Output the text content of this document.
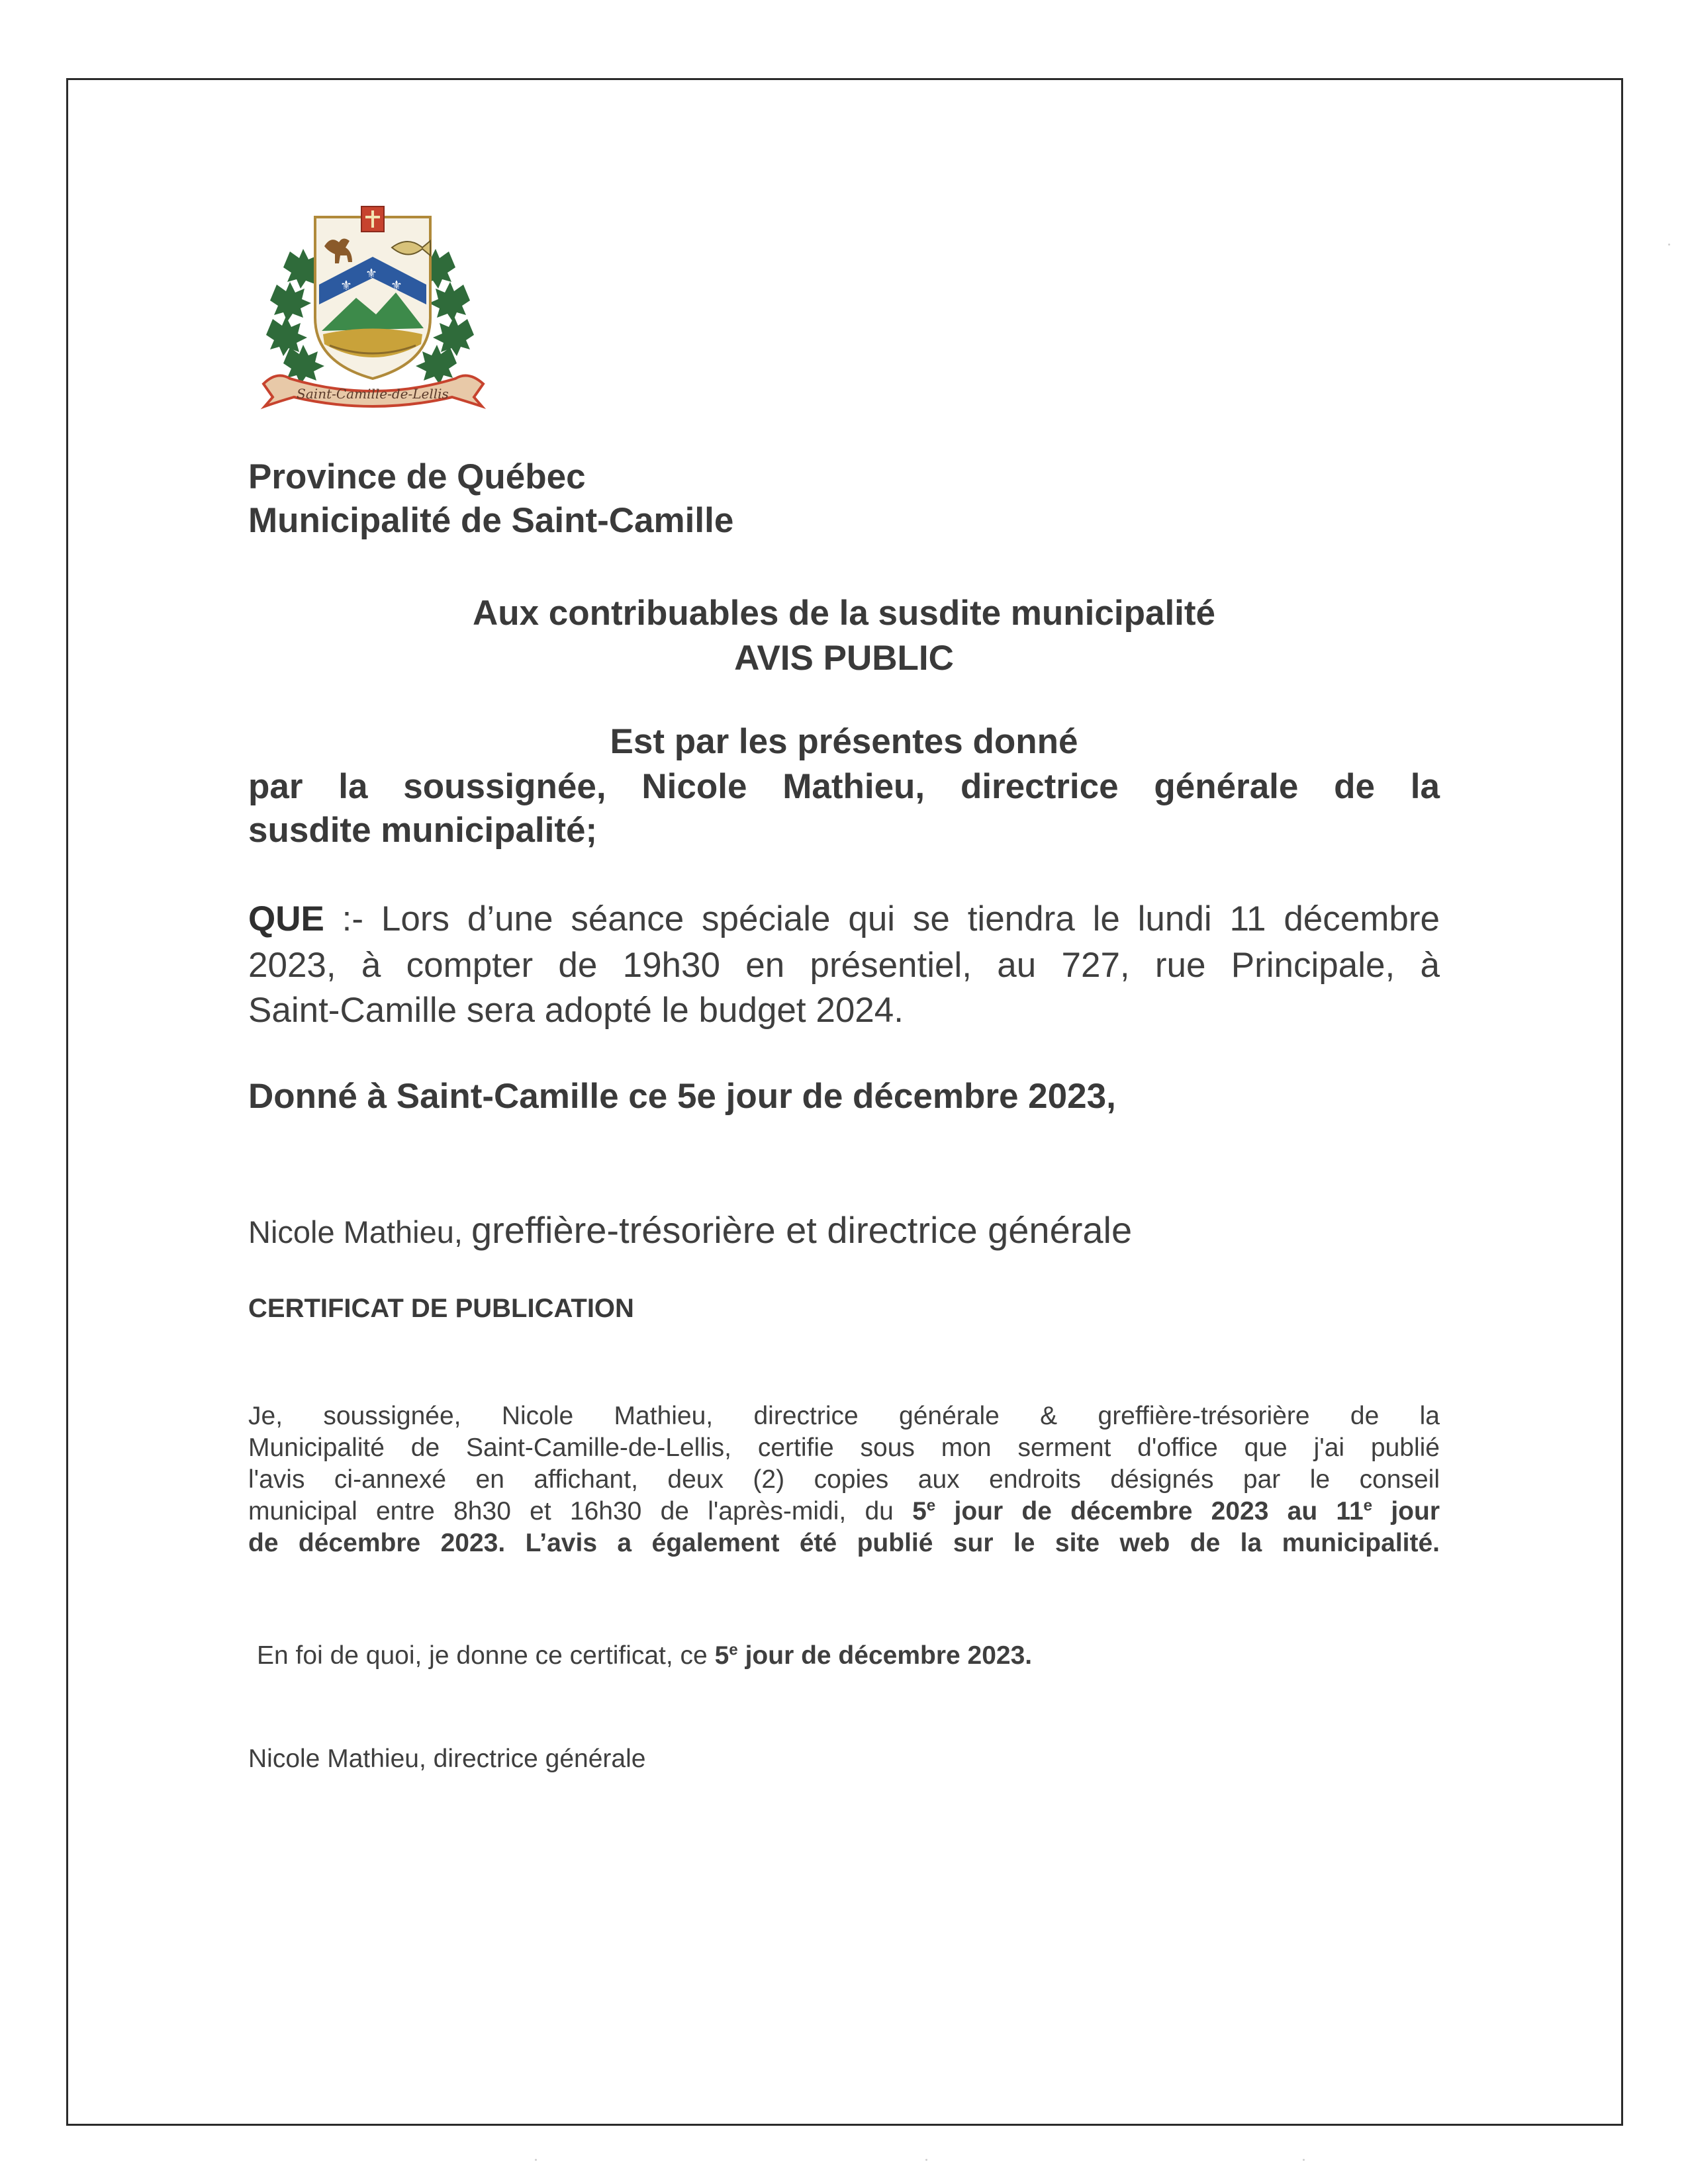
⚜
⚜
⚜
Saint-Camille-de-Lellis
Province de Québec
Municipalité de Saint-Camille
Aux contribuables de la susdite municipalité
AVIS PUBLIC
Est par les présentes donné
par la soussignée, Nicole Mathieu, directrice générale de la
susdite municipalité;
QUE :- Lors d’une séance spéciale qui se tiendra le lundi 11 décembre
2023, à compter de 19h30 en présentiel, au 727, rue Principale, à
Saint-Camille sera adopté le budget 2024.
Donné à Saint-Camille ce 5e jour de décembre 2023,
Nicole Mathieu, greffière-trésorière et directrice générale
CERTIFICAT DE PUBLICATION
Je, soussignée, Nicole Mathieu, directrice générale & greffière-trésorière de la
Municipalité de Saint-Camille-de-Lellis, certifie sous mon serment d'office que j'ai publié
l'avis ci-annexé en affichant, deux (2) copies aux endroits désignés par le conseil
municipal entre 8h30 et 16h30 de l'après-midi, du 5e jour de décembre 2023 au 11e jour
de décembre 2023. L’avis a également été publié sur le site web de la municipalité.
En foi de quoi, je donne ce certificat, ce 5e jour de décembre 2023.
Nicole Mathieu, directrice générale
